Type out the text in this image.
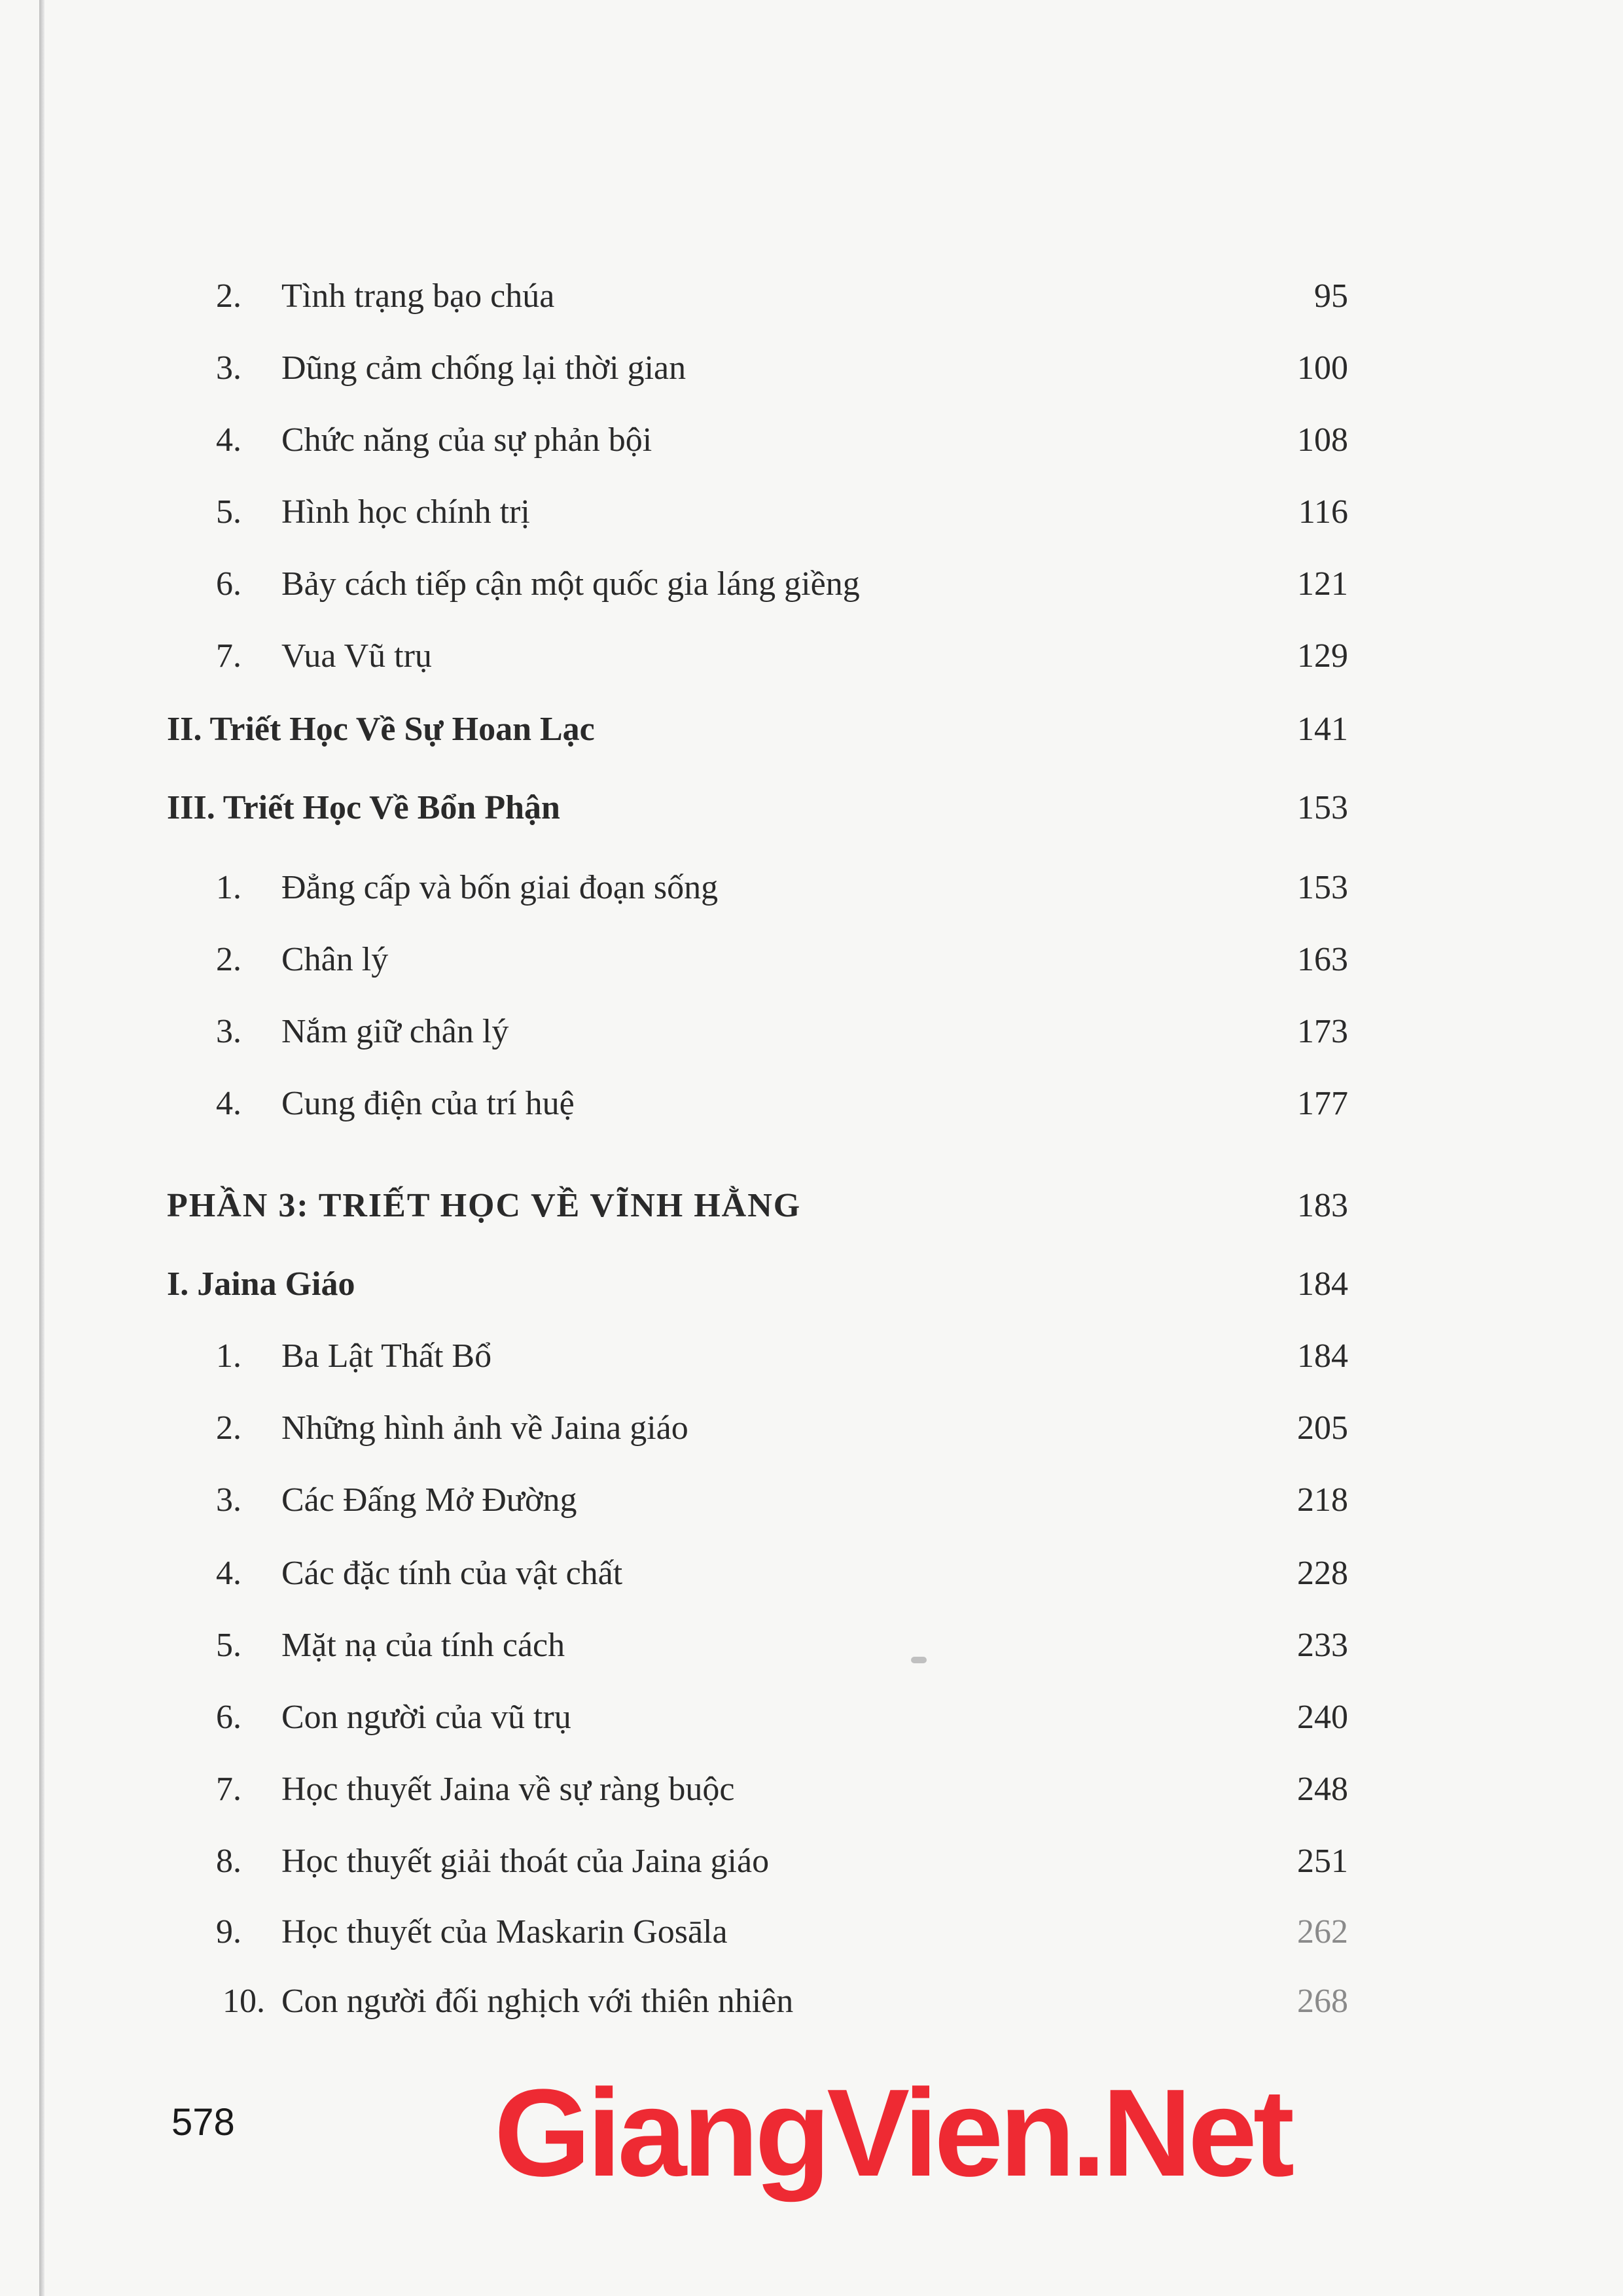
2. Tình trạng bạo chúa	95
3. Dũng cảm chống lại thời gian	100
4. Chức năng của sự phản bội	108
5. Hình học chính trị	116
6. Bảy cách tiếp cận một quốc gia láng giềng	121
7. Vua Vũ trụ	129
II. Triết Học Về Sự Hoan Lạc	141
III. Triết Học Về Bổn Phận	153
1. Đẳng cấp và bốn giai đoạn sống	153
2. Chân lý	163
3. Nắm giữ chân lý	173
4. Cung điện của trí huệ	177
PHẦN 3: TRIẾT HỌC VỀ VĨNH HẰNG	183
I. Jaina Giáo	184
1. Ba Lật Thất Bổ	184
2. Những hình ảnh về Jaina giáo	205
3. Các Đấng Mở Đường	218
4. Các đặc tính của vật chất	228
5. Mặt nạ của tính cách	233
6. Con người của vũ trụ	240
7. Học thuyết Jaina về sự ràng buộc	248
8. Học thuyết giải thoát của Jaina giáo	251
9. Học thuyết của Maskarin Gosāla	262
10. Con người đối nghịch với thiên nhiên	268
578 GiangVien.Net
